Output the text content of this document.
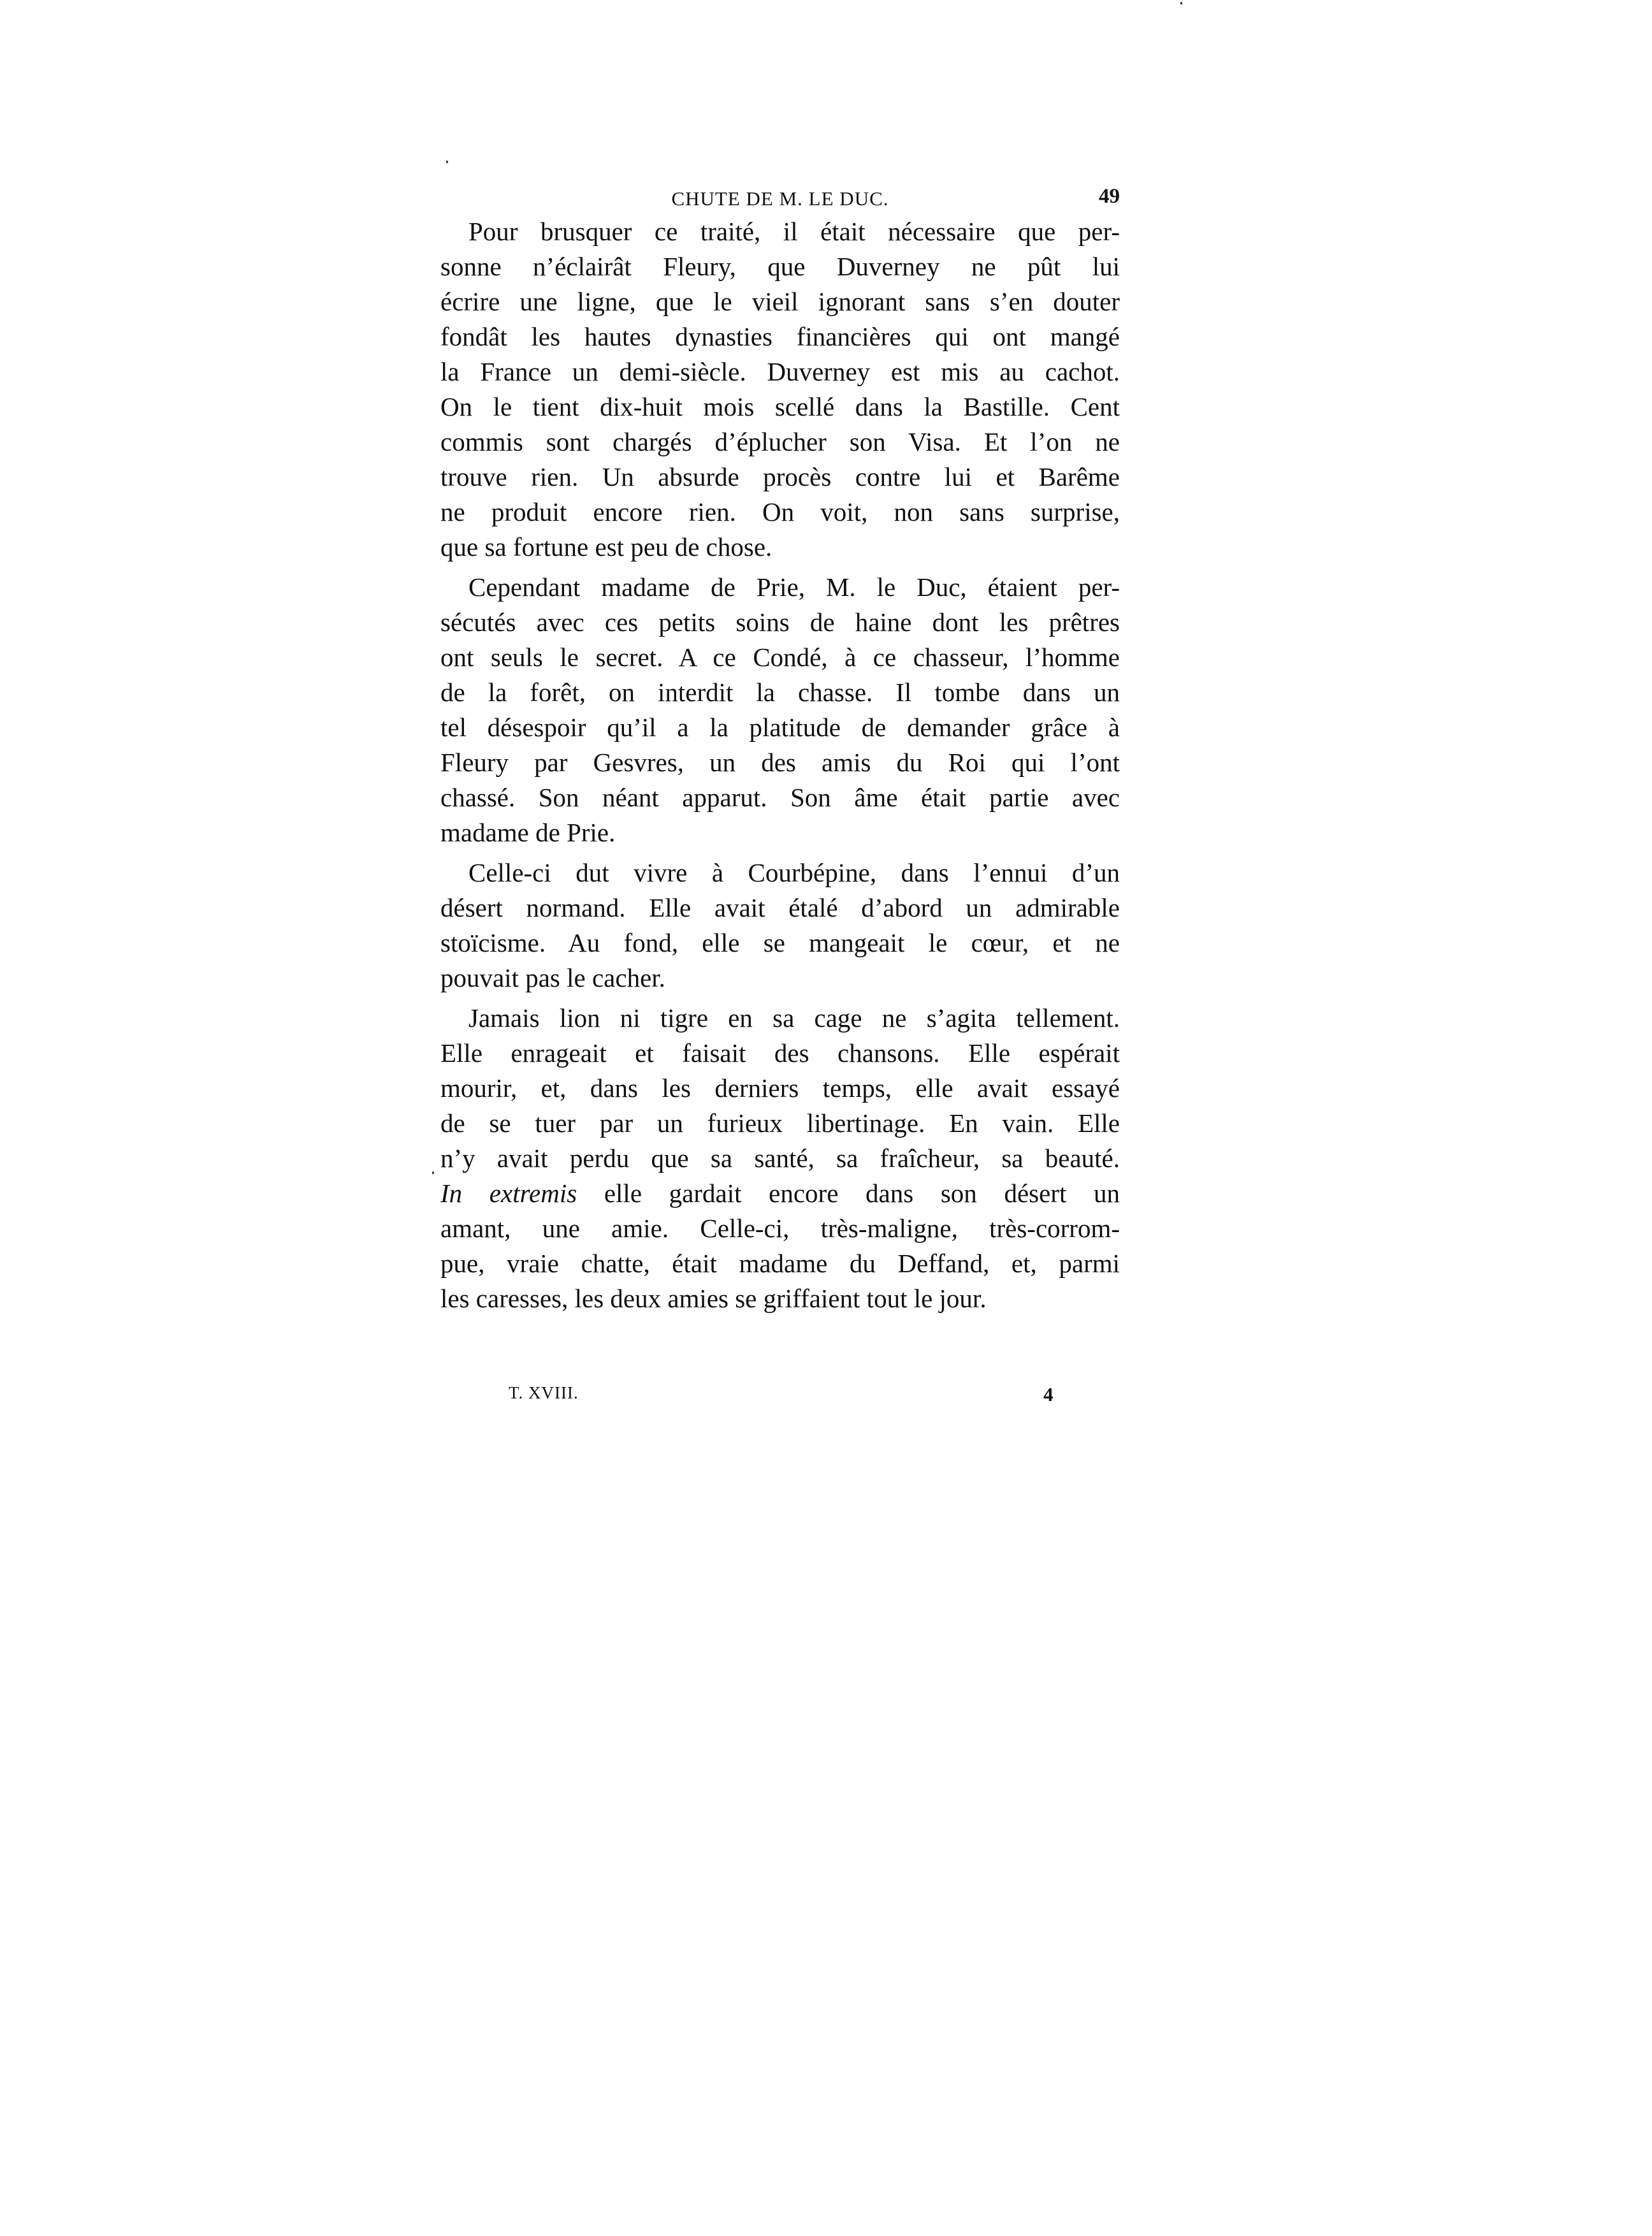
CHUTE DE M. LE DUC.	49
Pour brusquer ce traité, il était nécessaire que per-
sonne n’éclairât Fleury, que Duverney ne pût lui
écrire une ligne, que le vieil ignorant sans s’en douter
fondât les hautes dynasties financières qui ont mangé
la France un demi-siècle. Duverney est mis au cachot.
On le tient dix-huit mois scellé dans la Bastille. Cent
commis sont chargés d’éplucher son Visa. Et l’on ne
trouve rien. Un absurde procès contre lui et Barême
ne produit encore rien. On voit, non sans surprise,
que sa fortune est peu de chose.
Cependant madame de Prie, M. le Duc, étaient per-
sécutés avec ces petits soins de haine dont les prêtres
ont seuls le secret. A ce Condé, à ce chasseur, l’homme
de la forêt, on interdit la chasse. Il tombe dans un
tel désespoir qu’il a la platitude de demander grâce à
Fleury par Gesvres, un des amis du Roi qui l’ont
chassé. Son néant apparut. Son âme était partie avec
madame de Prie.
Celle-ci dut vivre à Courbépine, dans l’ennui d’un
désert normand. Elle avait étalé d’abord un admirable
stoïcisme. Au fond, elle se mangeait le cœur, et ne
pouvait pas le cacher.
Jamais lion ni tigre en sa cage ne s’agita tellement.
Elle enrageait et faisait des chansons. Elle espérait
mourir, et, dans les derniers temps, elle avait essayé
de se tuer par un furieux libertinage. En vain. Elle
n’y avait perdu que sa santé, sa fraîcheur, sa beauté.
In extremis elle gardait encore dans son désert un
amant, une amie. Celle-ci, très-maligne, très-corrom-
pue, vraie chatte, était madame du Deffand, et, parmi
les caresses, les deux amies se griffaient tout le jour.
T. XVIII.	4
